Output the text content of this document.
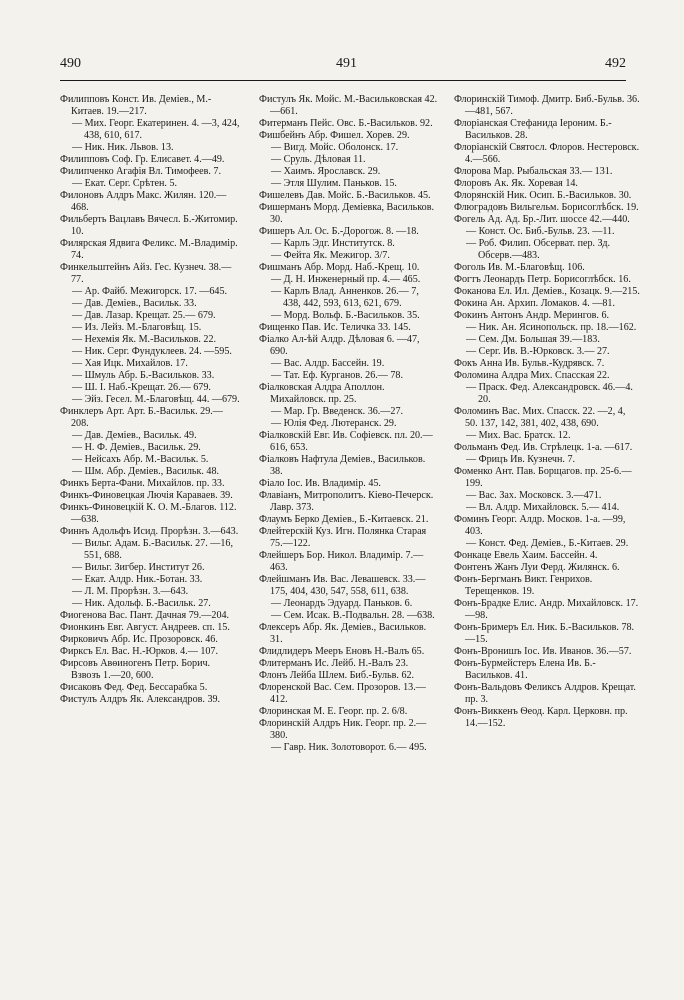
490	491	492

Филипповъ Конст. Ив. Деміев., М.-Китаев. 19.—217.

— Мих. Георг. Екатеринен. 4. —3, 424, 438, 610, 617.

— Ник. Ник. Львов. 13.

Филипповъ Соф. Гр. Елисавет. 4.—49.

Филипченко Агафія Вл. Тимофеев. 7.

— Екат. Серг. Срѣтен. 5.

Филоновъ Алдръ Макс. Жилян. 120.—468.

Фильберть Вацлавъ Вячесл. Б.-Житомир. 10.

Филярская Ядвига Феликс. М.-Владимір. 74.

Финкельштейнъ Айз. Гес. Кузнеч. 38.—77.

— Ар. Файб. Межигорск. 17. —645.

— Дав. Деміев., Васильк. 33.

— Дав. Лазар. Крещат. 25.— 679.

— Из. Лейз. М.-Благовѣщ. 15.

— Нехемія Як. М.-Васильков. 22.

— Ник. Серг. Фундуклеев. 24. —595.

— Хая Ицк. Михайлов. 17.

— Шмуль Абр. Б.-Васильков. 33.

— Ш. І. Наб.-Крещат. 26.— 679.

— Эйз. Гесел. М.-Благовѣщ. 44. —679.

Финклеръ Арт. Арт. Б.-Васильк. 29.—208.

— Дав. Деміев., Васильк. 49.

— Н. Ф. Деміев., Васильк. 29.

— Нейсахъ Абр. М.-Васильк. 5.

— Шм. Абр. Деміев., Васильк. 48.

Финкъ Берта-Фани. Михайлов. пр. 33.

Финкъ-Финовецкая Лючія Караваев. 39.

Финкъ-Финовецкій К. О. М.-Благов. 112.—638.

Финнъ Адольфъ Исид. Прорѣзн. 3.—643.

— Вильг. Адам. Б.-Васильк. 27. —16, 551, 688.

— Вильг. Зигбер. Институт 26.

— Екат. Алдр. Ник.-Ботан. 33.

— Л. М. Прорѣзн. 3.—643.

— Ник. Адольф. Б.-Васильк. 27.

Фиогенова Вас. Пант. Дачная 79.—204.

Фионкинъ Евг. Август. Андреев. сп. 15.

Фирковичъ Абр. Ис. Прозоровск. 46.

Фирксъ Ел. Вас. Н.-Юрков. 4.— 107.

Фирсовъ Авѳиногенъ Петр. Борич. Взвозъ 1.—20, 600.

Фисаковъ Фед. Фед. Бессарабка 5.

Фистулъ Алдръ Як. Александров. 39.

Фистулъ Як. Мойс. М.-Васильковская 42.—661.

Фитерманъ Пейс. Овс. Б.-Васильков. 92.

Фишбейнъ Абр. Фишел. Хорев. 29.

— Вигд. Мойс. Оболонск. 17.

— Сруль. Дѣловая 11.

— Хаимъ. Ярославск. 29.

— Этля Шулим. Паньков. 15.

Фишелевъ Дав. Мойс. Б.-Васильков. 45.

Фишерманъ Морд. Деміевка, Васильков. 30.

Фишеръ Ал. Ос. Б.-Дорогож. 8. —18.

— Карлъ Эдг. Институтск. 8.

— Фейта Як. Межигор. 3/7.

Фишманъ Абр. Морд. Наб.-Крещ. 10.

— Д. Н. Инженерный пр. 4.— 465.

— Карлъ Влад. Анненков. 26.— 7, 438, 442, 593, 613, 621, 679.

— Морд. Вольф. Б.-Васильков. 35.

Фищенко Пав. Ис. Теличка 33. 145.

Фіалко Ал-ѣй Алдр. Дѣловая 6. —47, 690.

— Вас. Алдр. Бассейн. 19.

— Тат. Еф. Курганов. 26.— 78.

Фіалковская Алдра Аполлон. Михайловск. пр. 25.

— Мар. Гр. Введенск. 36.—27.

— Юлія Фед. Лютеранск. 29.

Фіалковскій Евг. Ив. Софіевск. пл. 20.—616, 653.

Фіалковъ Нафтула Деміев., Васильков. 38.

Фіало Іос. Ив. Владимір. 45.

Флавіанъ, Митрополитъ. Кіево-Печерск. Лавр. 373.

Флаумъ Берко Деміев., Б.-Китаевск. 21.

Флейтерскій Куз. Игн. Полянка Старая 75.—122.

Флейшеръ Бор. Никол. Владимір. 7.—463.

Флейшманъ Ив. Вас. Левашевск. 33.—175, 404, 430, 547, 558, 611, 638.

— Леонардъ Эдуард. Паньков. 6.

— Сем. Исак. В.-Подвальн. 28. —638.

Флексеръ Абр. Як. Деміев., Васильков. 31.

Флидлидеръ Мееръ Еновъ Н.-Валъ 65.

Флитерманъ Ис. Лейб. Н.-Валъ 23.

Флонъ Лейба Шлем. Биб.-Бульв. 62.

Флоренской Вас. Сем. Прозоров. 13.—412.

Флоринская М. Е. Георг. пр. 2. 6/8.

Флоринскій Алдръ Ник. Георг. пр. 2.—380.

— Гавр. Ник. Золотоворот. 6.— 495.

Флоринскій Тимоф. Дмитр. Биб.-Бульв. 36.—481, 567.

Флоріанская Стефанида Іероним. Б.-Васильков. 28.

Флоріанскій Святосл. Флоров. Нестеровск. 4.—566.

Флорова Мар. Рыбальская 33.— 131.

Флоровъ Ак. Як. Хоревая 14.

Флорянскій Ник. Осип. Б.-Васильков. 30.

Флюградовъ Вильгельм. Борисоглѣбск. 19.

Фогель Ад. Ад. Бр.-Лит. шоссе 42.—440.

— Конст. Ос. Биб.-Бульв. 23. —11.

— Роб. Филип. Обсерват. пер. Зд. Обсерв.—483.

Фоголь Ив. М.-Благовѣщ. 106.

Фогтъ Леонардъ Петр. Борисоглѣбск. 16.

Фоканова Ел. Ил. Деміев., Козацк. 9.—215.

Фокина Ан. Архип. Ломаков. 4. —81.

Фокинъ Антонъ Андр. Мерингов. 6.

— Ник. Ан. Ясинопольск. пр. 18.—162.

— Сем. Дм. Большая 39.—183.

— Серг. Ив. В.-Юрковск. 3.— 27.

Фокъ Анна Ив. Бульв.-Кудрявск. 7.

Фоломина Алдра Мих. Спасская 22.

— Праск. Фед. Александровск. 46.—4. 20.

Фоломинъ Вас. Мих. Спасск. 22. —2, 4, 50. 137, 142, 381, 402, 438, 690.

— Мих. Вас. Братск. 12.

Фольманъ Фед. Ив. Стрѣлецк. 1-а. —617.

— Фрицъ Ив. Кузнечн. 7.

Фоменко Ант. Пав. Борщагов. пр. 25-6.—199.

— Вас. Зах. Московск. 3.—471.

— Вл. Алдр. Михайловск. 5.— 414.

Фоминъ Георг. Алдр. Москов. 1-а. —99, 403.

— Конст. Фед. Деміев., Б.-Китаев. 29.

Фонкаце Евель Хаим. Бассейн. 4.

Фонтенъ Жанъ Луи Ферд. Жилянск. 6.

Фонъ-Бергманъ Викт. Генрихов. Терещенков. 19.

Фонъ-Брадке Елис. Андр. Михайловск. 17.—98.

Фонъ-Бримеръ Ел. Ник. Б.-Васильков. 78.—15.

Фонъ-Вронишъ Іос. Ив. Иванов. 36.—57.

Фонъ-Бурмейстеръ Елена Ив. Б.-Васильков. 41.

Фонъ-Вальдовъ Феликсъ Алдров. Крещат. пр. 3.

Фонъ-Виккенъ Ѳеод. Карл. Церковн. пр. 14.—152.
